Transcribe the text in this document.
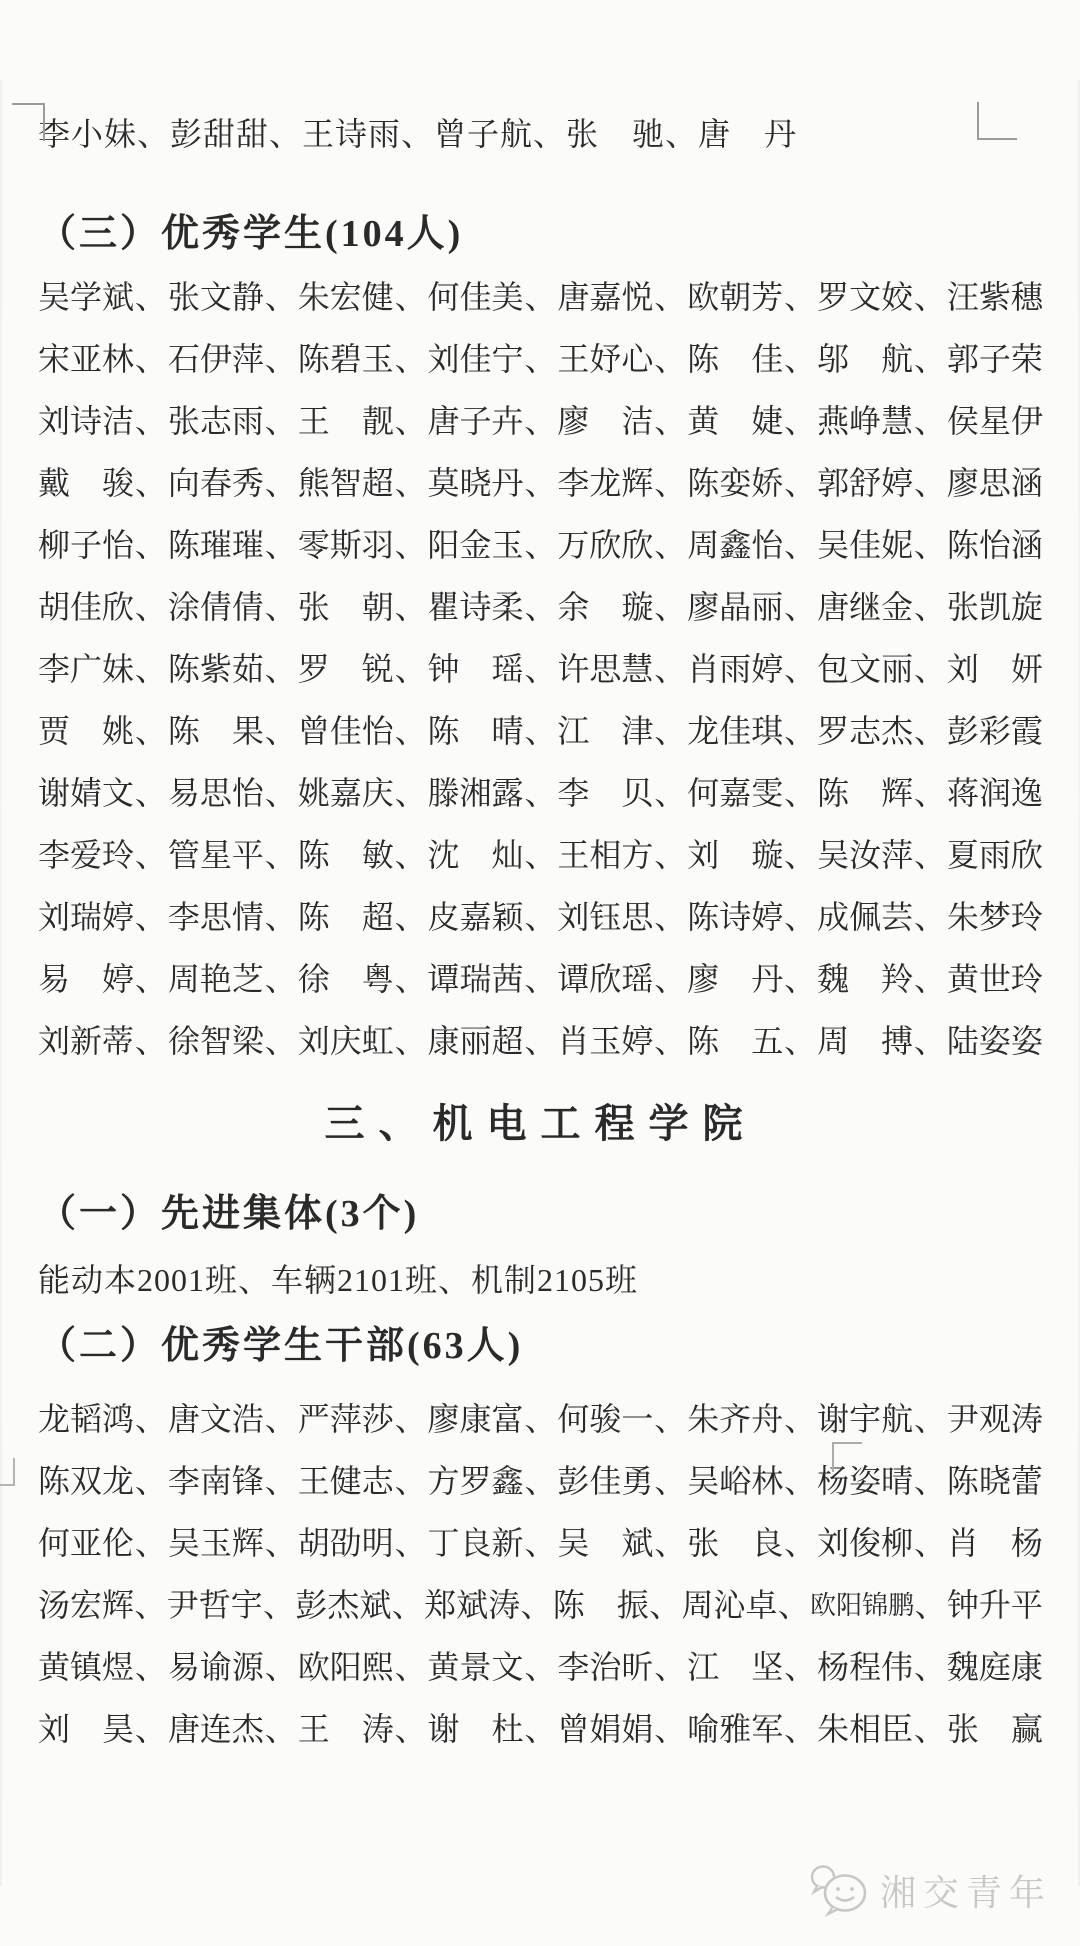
李小妹、彭甜甜、王诗雨、曾子航、张　驰、唐　丹

（三）优秀学生(104人)
吴学斌 、 张文静 、 朱宏健 、 何佳美 、 唐嘉悦 、 欧朝芳 、 罗文姣 、 汪紫穗
宋亚林 、 石伊萍 、 陈碧玉 、 刘佳宁 、 王妤心 、 陈　佳 、 邬　航 、 郭子荣
刘诗洁 、 张志雨 、 王　靓 、 唐子卉 、 廖　洁 、 黄　婕 、 燕峥慧 、 侯星伊
戴　骏 、 向春秀 、 熊智超 、 莫晓丹 、 李龙辉 、 陈娈娇 、 郭舒婷 、 廖思涵
柳子怡 、 陈璀璀 、 零斯羽 、 阳金玉 、 万欣欣 、 周鑫怡 、 吴佳妮 、 陈怡涵
胡佳欣 、 涂倩倩 、 张　朝 、 瞿诗柔 、 余　璇 、 廖晶丽 、 唐继金 、 张凯旋
李广妹 、 陈紫茹 、 罗　锐 、 钟　瑶 、 许思慧 、 肖雨婷 、 包文丽 、 刘　妍
贾　姚 、 陈　果 、 曾佳怡 、 陈　晴 、 江　津 、 龙佳琪 、 罗志杰 、 彭彩霞
谢婧文 、 易思怡 、 姚嘉庆 、 滕湘露 、 李　贝 、 何嘉雯 、 陈　辉 、 蒋润逸
李爱玲 、 管星平 、 陈　敏 、 沈　灿 、 王相方 、 刘　璇 、 吴汝萍 、 夏雨欣
刘瑞婷 、 李思情 、 陈　超 、 皮嘉颖 、 刘钰思 、 陈诗婷 、 成佩芸 、 朱梦玲
易　婷 、 周艳芝 、 徐　粤 、 谭瑞茜 、 谭欣瑶 、 廖　丹 、 魏　羚 、 黄世玲
刘新蒂 、 徐智梁 、 刘庆虹 、 康丽超 、 肖玉婷 、 陈　五 、 周　搏 、 陆姿姿
三、机电工程学院
（一）先进集体(3个)

能动本2001班、车辆2101班、机制2105班

（二）优秀学生干部(63人)
龙韬鸿 、 唐文浩 、 严萍莎 、 廖康富 、 何骏一 、 朱齐舟 、 谢宇航 、 尹观涛
陈双龙 、 李南锋 、 王健志 、 方罗鑫 、 彭佳勇 、 吴峪林 、 杨姿晴 、 陈晓蕾
何亚伦 、 吴玉辉 、 胡劭明 、 丁良新 、 吴　斌 、 张　良 、 刘俊柳 、 肖　杨
汤宏辉 、 尹哲宇 、 彭杰斌 、 郑斌涛 、 陈　振 、 周沁卓 、 欧阳锦鹏 、 钟升平
黄镇煜 、 易谕源 、 欧阳熙 、 黄景文 、 李治昕 、 江　坚 、 杨程伟 、 魏庭康
刘　昊 、 唐连杰 、 王　涛 、 谢　杜 、 曾娟娟 、 喻雅军 、 朱相臣 、 张　赢
湘交青年
